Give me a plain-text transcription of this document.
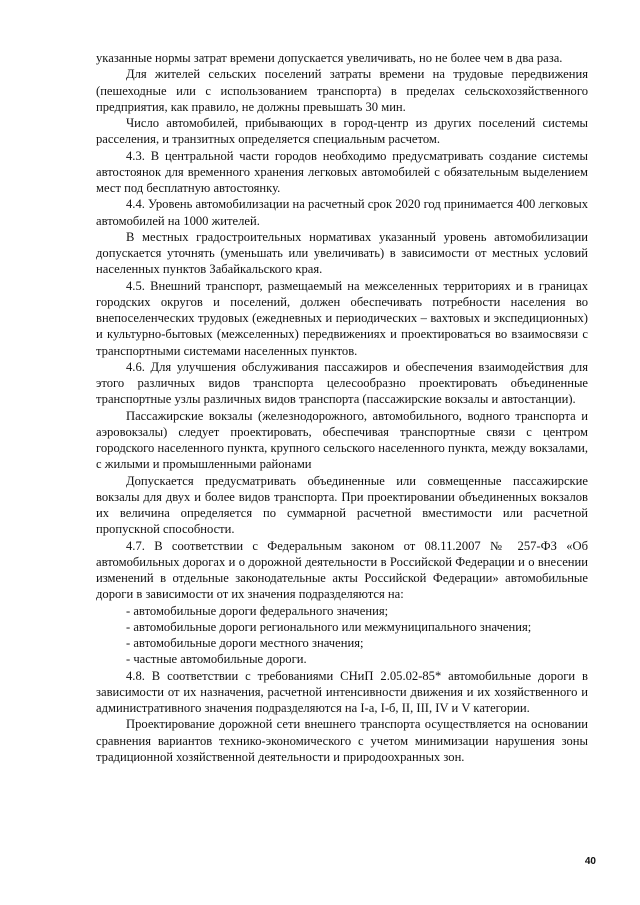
указанные нормы затрат времени допускается увеличивать, но не более чем в два раза.

Для жителей сельских поселений затраты времени на трудовые передвижения (пешеходные или с использованием транспорта) в пределах сельскохозяйственного предприятия, как правило, не должны превышать 30 мин.

Число автомобилей, прибывающих в город-центр из других поселений системы расселения, и транзитных определяется специальным расчетом.

4.3. В центральной части городов необходимо предусматривать создание системы автостоянок для временного хранения легковых автомобилей с обязательным выделением мест под бесплатную автостоянку.

4.4. Уровень автомобилизации на расчетный срок 2020 год принимается 400 легковых автомобилей на 1000 жителей.

В местных градостроительных нормативах указанный уровень автомобилизации допускается уточнять (уменьшать или увеличивать) в зависимости от местных условий населенных пунктов Забайкальского края.

4.5. Внешний транспорт, размещаемый на межселенных территориях и в границах городских округов и поселений, должен обеспечивать потребности населения во внепоселенческих трудовых (ежедневных и периодических – вахтовых и экспедиционных) и культурно-бытовых (межселенных) передвижениях и проектироваться во взаимосвязи с транспортными системами населенных пунктов.

4.6. Для улучшения обслуживания пассажиров и обеспечения взаимодействия для этого различных видов транспорта целесообразно проектировать объединенные транспортные узлы различных видов транспорта (пассажирские вокзалы и автостанции).

Пассажирские вокзалы (железнодорожного, автомобильного, водного транспорта и аэровокзалы) следует проектировать, обеспечивая транспортные связи с центром городского населенного пункта, крупного сельского населенного пункта, между вокзалами, с жилыми и промышленными районами

Допускается предусматривать объединенные или совмещенные пассажирские вокзалы для двух и более видов транспорта. При проектировании объединенных вокзалов их величина определяется по суммарной расчетной вместимости или расчетной пропускной способности.

4.7. В соответствии с Федеральным законом от 08.11.2007 № 257-ФЗ «Об автомобильных дорогах и о дорожной деятельности в Российской Федерации и о внесении изменений в отдельные законодательные акты Российской Федерации» автомобильные дороги в зависимости от их значения подразделяются на:

- автомобильные дороги федерального значения;

- автомобильные дороги регионального или межмуниципального значения;

- автомобильные дороги местного значения;

- частные автомобильные дороги.

4.8. В соответствии с требованиями СНиП 2.05.02-85* автомобильные дороги в зависимости от их назначения, расчетной интенсивности движения и их хозяйственного и административного значения подразделяются на I-а, I-б, II, III, IV и V категории.

Проектирование дорожной сети внешнего транспорта осуществляется на основании сравнения вариантов технико-экономического с учетом минимизации нарушения зоны традиционной хозяйственной деятельности и природоохранных зон.

40
